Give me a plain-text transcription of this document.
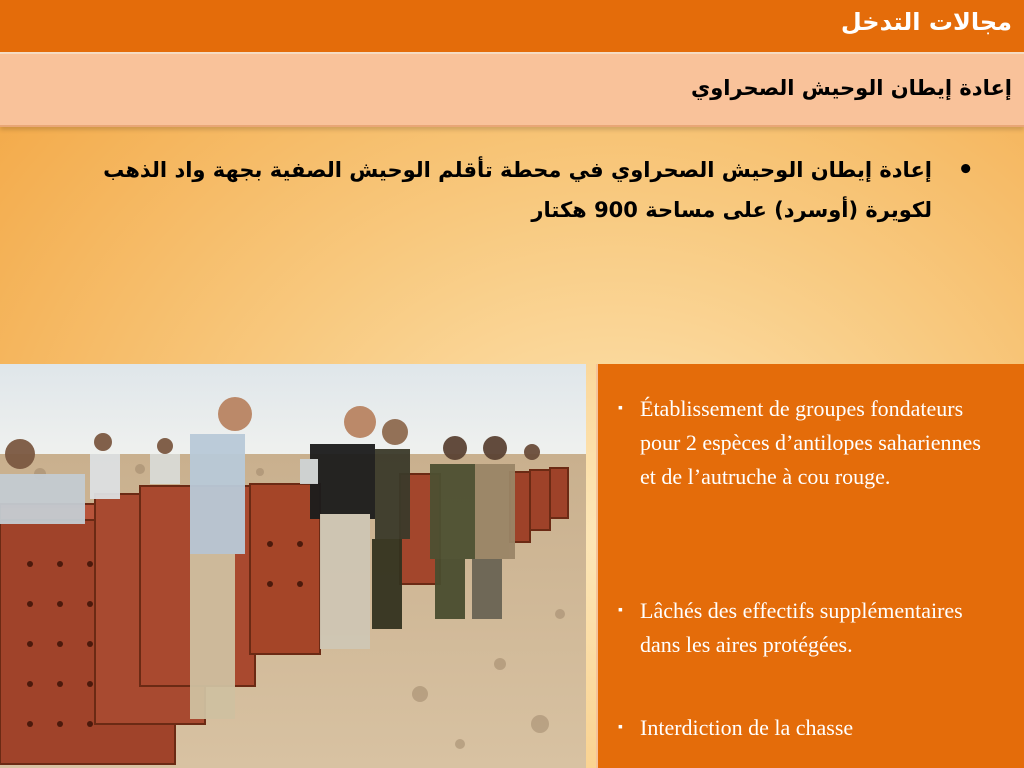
مجالات التدخل
إعادة إيطان الوحيش الصحراوي
•
إعادة إيطان الوحيش الصحراوي في محطة تأقلم الوحيش الصفية بجهة واد الذهب لكويرة (أوسرد) على مساحة 900 هكتار
▪ Établissement de groupes fondateurs pour 2 espèces d’antilopes sahariennes et de l’autruche à cou rouge.
▪ Lâchés des effectifs supplémentaires dans les aires protégées.
▪ Interdiction de la chasse
